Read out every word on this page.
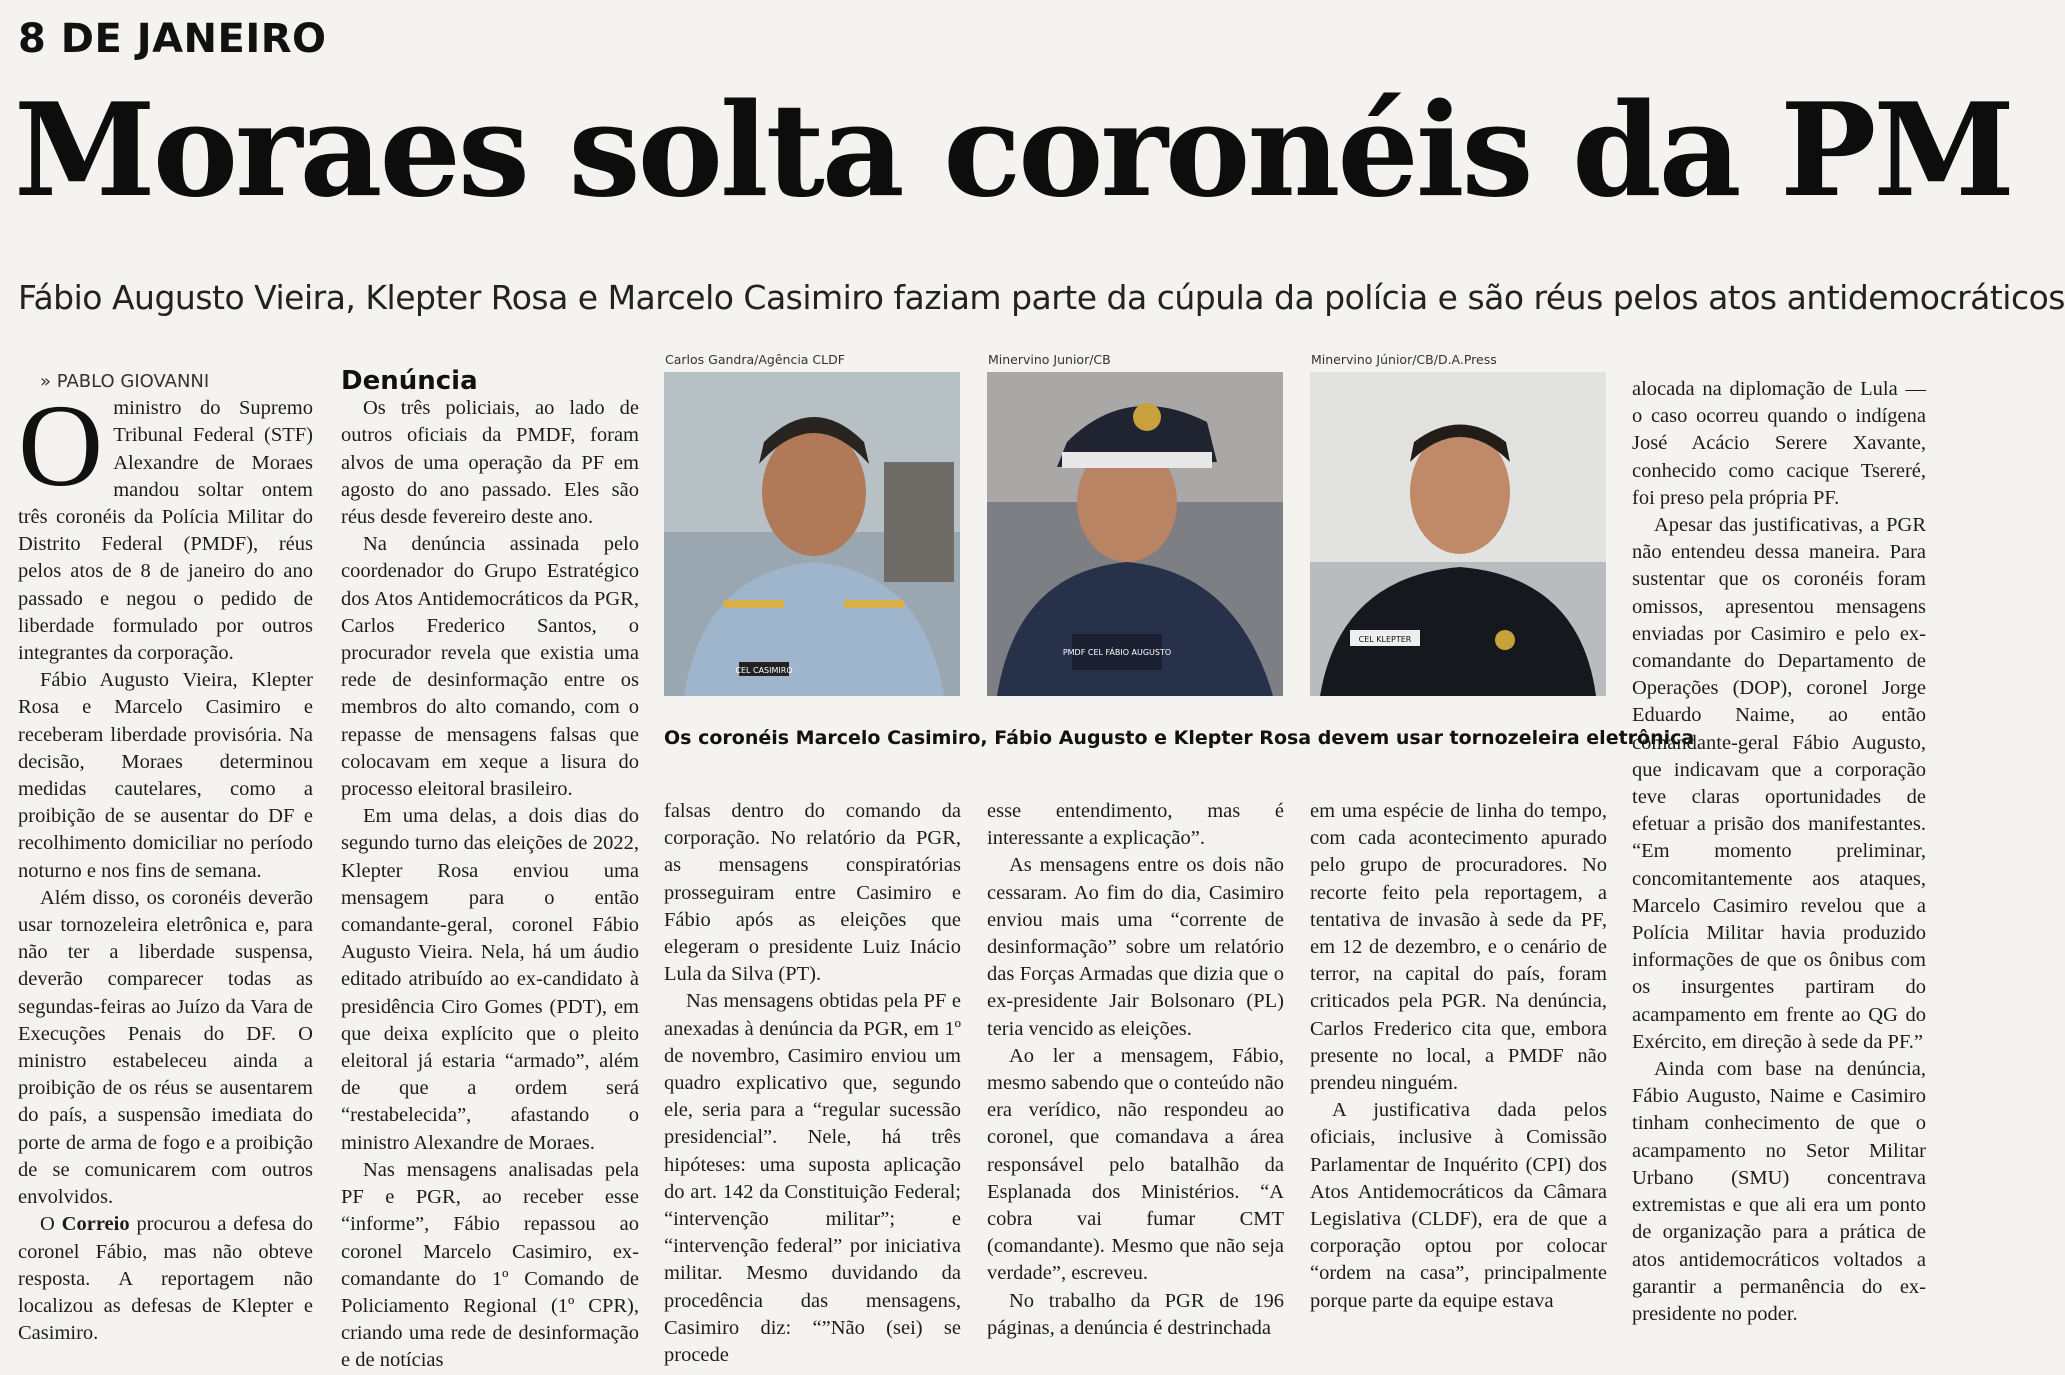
8 DE JANEIRO
Moraes solta coronéis da PM
Fábio Augusto Vieira, Klepter Rosa e Marcelo Casimiro faziam parte da cúpula da polícia e são réus pelos atos antidemocráticos

» PABLO GIOVANNI

Oministro do Supremo Tribunal Federal (STF) Alexandre de Moraes mandou soltar ontem três coronéis da Polícia Militar do Distrito Federal (PMDF), réus pelos atos de 8 de janeiro do ano passado e negou o pedido de liberdade formulado por outros integrantes da corporação.

Fábio Augusto Vieira, Klepter Rosa e Marcelo Casimiro e receberam liberdade provisória. Na decisão, Moraes determinou medidas cautelares, como a proibição de se ausentar do DF e recolhimento domiciliar no período noturno e nos fins de semana.

Além disso, os coronéis deverão usar tornozeleira eletrônica e, para não ter a liberdade suspensa, deverão comparecer todas as segundas-feiras ao Juízo da Vara de Execuções Penais do DF. O ministro estabeleceu ainda a proibição de os réus se ausentarem do país, a suspensão imediata do porte de arma de fogo e a proibição de se comunicarem com outros envolvidos.

O Correio procurou a defesa do coronel Fábio, mas não obteve resposta. A reportagem não localizou as defesas de Klepter e Casimiro.

Denúncia

Os três policiais, ao lado de outros oficiais da PMDF, foram alvos de uma operação da PF em agosto do ano passado. Eles são réus desde fevereiro deste ano.

Na denúncia assinada pelo coordenador do Grupo Estratégico dos Atos Antidemocráticos da PGR, Carlos Frederico Santos, o procurador revela que existia uma rede de desinformação entre os membros do alto comando, com o repasse de mensagens falsas que colocavam em xeque a lisura do processo eleitoral brasileiro.

Em uma delas, a dois dias do segundo turno das eleições de 2022, Klepter Rosa enviou uma mensagem para o então comandante-geral, coronel Fábio Augusto Vieira. Nela, há um áudio editado atribuído ao ex-candidato à presidência Ciro Gomes (PDT), em que deixa explícito que o pleito eleitoral já estaria “armado”, além de que a ordem será “restabelecida”, afastando o ministro Alexandre de Moraes.

Nas mensagens analisadas pela PF e PGR, ao receber esse “informe”, Fábio repassou ao coronel Marcelo Casimiro, ex-comandante do 1º Comando de Policiamento Regional (1º CPR), criando uma rede de desinformação e de notícias

Carlos Gandra/Agência CLDF	Minervino Junior/CB	Minervino Júnior/CB/D.A.Press
CEL CASIMIRO
PMDF CEL FÁBIO AUGUSTO
CEL KLEPTER
Os coronéis Marcelo Casimiro, Fábio Augusto e Klepter Rosa devem usar tornozeleira eletrônica

falsas dentro do comando da corporação. No relatório da PGR, as mensagens conspiratórias prosseguiram entre Casimiro e Fábio após as eleições que elegeram o presidente Luiz Inácio Lula da Silva (PT).

Nas mensagens obtidas pela PF e anexadas à denúncia da PGR, em 1º de novembro, Casimiro enviou um quadro explicativo que, segundo ele, seria para a “regular sucessão presidencial”. Nele, há três hipóteses: uma suposta aplicação do art. 142 da Constituição Federal; “intervenção militar”; e “intervenção federal” por iniciativa militar. Mesmo duvidando da procedência das mensagens, Casimiro diz: “”Não (sei) se procede

esse entendimento, mas é interessante a explicação”.

As mensagens entre os dois não cessaram. Ao fim do dia, Casimiro enviou mais uma “corrente de desinformação” sobre um relatório das Forças Armadas que dizia que o ex-presidente Jair Bolsonaro (PL) teria vencido as eleições.

Ao ler a mensagem, Fábio, mesmo sabendo que o conteúdo não era verídico, não respondeu ao coronel, que comandava a área responsável pelo batalhão da Esplanada dos Ministérios. “A cobra vai fumar CMT (comandante). Mesmo que não seja verdade”, escreveu.

No trabalho da PGR de 196 páginas, a denúncia é destrinchada

em uma espécie de linha do tempo, com cada acontecimento apurado pelo grupo de procuradores. No recorte feito pela reportagem, a tentativa de invasão à sede da PF, em 12 de dezembro, e o cenário de terror, na capital do país, foram criticados pela PGR. Na denúncia, Carlos Frederico cita que, embora presente no local, a PMDF não prendeu ninguém.

A justificativa dada pelos oficiais, inclusive à Comissão Parlamentar de Inquérito (CPI) dos Atos Antidemocráticos da Câmara Legislativa (CLDF), era de que a corporação optou por colocar “ordem na casa”, principalmente porque parte da equipe estava

alocada na diplomação de Lula — o caso ocorreu quando o indígena José Acácio Serere Xavante, conhecido como cacique Tsereré, foi preso pela própria PF.

Apesar das justificativas, a PGR não entendeu dessa maneira. Para sustentar que os coronéis foram omissos, apresentou mensagens enviadas por Casimiro e pelo ex-comandante do Departamento de Operações (DOP), coronel Jorge Eduardo Naime, ao então comandante-geral Fábio Augusto, que indicavam que a corporação teve claras oportunidades de efetuar a prisão dos manifestantes. “Em momento preliminar, concomitantemente aos ataques, Marcelo Casimiro revelou que a Polícia Militar havia produzido informações de que os ônibus com os insurgentes partiram do acampamento em frente ao QG do Exército, em direção à sede da PF.”

Ainda com base na denúncia, Fábio Augusto, Naime e Casimiro tinham conhecimento de que o acampamento no Setor Militar Urbano (SMU) concentrava extremistas e que ali era um ponto de organização para a prática de atos antidemocráticos voltados a garantir a permanência do ex-presidente no poder.
